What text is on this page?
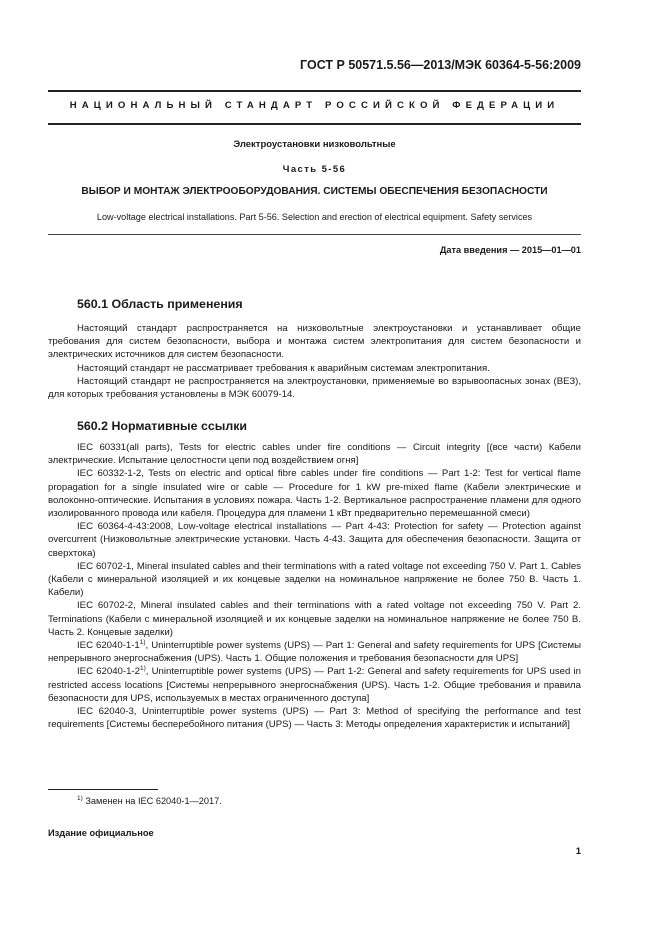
ГОСТ Р 50571.5.56—2013/МЭК 60364-5-56:2009
НАЦИОНАЛЬНЫЙ СТАНДАРТ РОССИЙСКОЙ ФЕДЕРАЦИИ
Электроустановки низковольтные
Часть 5-56
ВЫБОР И МОНТАЖ ЭЛЕКТРООБОРУДОВАНИЯ. СИСТЕМЫ ОБЕСПЕЧЕНИЯ БЕЗОПАСНОСТИ
Low-voltage electrical installations. Part 5-56. Selection and erection of electrical equipment. Safety services
Дата введения — 2015—01—01
560.1 Область применения

Настоящий стандарт распространяется на низковольтные электроустановки и устанавливает общие требования для систем безопасности, выбора и монтажа систем электропитания для систем безопасности и электрических источников для систем безопасности.

Настоящий стандарт не рассматривает требования к аварийным системам электропитания.

Настоящий стандарт не распространяется на электроустановки, применяемые во взрывоопасных зонах (ВЕЗ), для которых требования установлены в МЭК 60079-14.

560.2 Нормативные ссылки

IEC 60331(all parts), Tests for electric cables under fire conditions — Circuit integrity [(все части) Кабели электрические. Испытание целостности цепи под воздействием огня]

IEC 60332-1-2, Tests on electric and optical fibre cables under fire conditions — Part 1-2: Test for vertical flame propagation for a single insulated wire or cable — Procedure for 1 kW pre-mixed flame (Кабели электрические и волоконно-оптические. Испытания в условиях пожара. Часть 1-2. Вертикальное распространение пламени для одного изолированного провода или кабеля. Процедура для пламени 1 кВт предварительно перемешанной смеси)

IEC 60364-4-43:2008, Low-voltage electrical installations — Part 4-43: Protection for safety — Protection against overcurrent (Низковольтные электрические установки. Часть 4-43. Защита для обеспечения безопасности. Защита от сверхтока)

IEC 60702-1, Mineral insulated cables and their terminations with a rated voltage not exceeding 750 V. Part 1. Cables (Кабели с минеральной изоляцией и их концевые заделки на номинальное напряжение не более 750 В. Часть 1. Кабели)

IEC 60702-2, Mineral insulated cables and their terminations with a rated voltage not exceeding 750 V. Part 2. Terminations (Кабели с минеральной изоляцией и их концевые заделки на номинальное напряжение не более 750 В. Часть 2. Концевые заделки)

IEC 62040-1-1$^{1)}$, Uninterruptible power systems (UPS) — Part 1: General and safety requirements for UPS [Системы непрерывного энергоснабжения (UPS). Часть 1. Общие положения и требования безопасности для UPS]

IEC 62040-1-2$^{1)}$, Uninterruptible power systems (UPS) — Part 1-2: General and safety requirements for UPS used in restricted access locations [Системы непрерывного энергоснабжения (UPS). Часть 1-2. Общие требования и правила безопасности для UPS, используемых в местах ограниченного доступа]

IEC 62040-3, Uninterruptible power systems (UPS) — Part 3: Method of specifying the performance and test requirements [Системы бесперебойного питания (UPS) — Часть 3: Методы определения характеристик и испытаний]

$^{1)}$ Заменен на IEC 62040-1—2017.
Издание официальное
1
